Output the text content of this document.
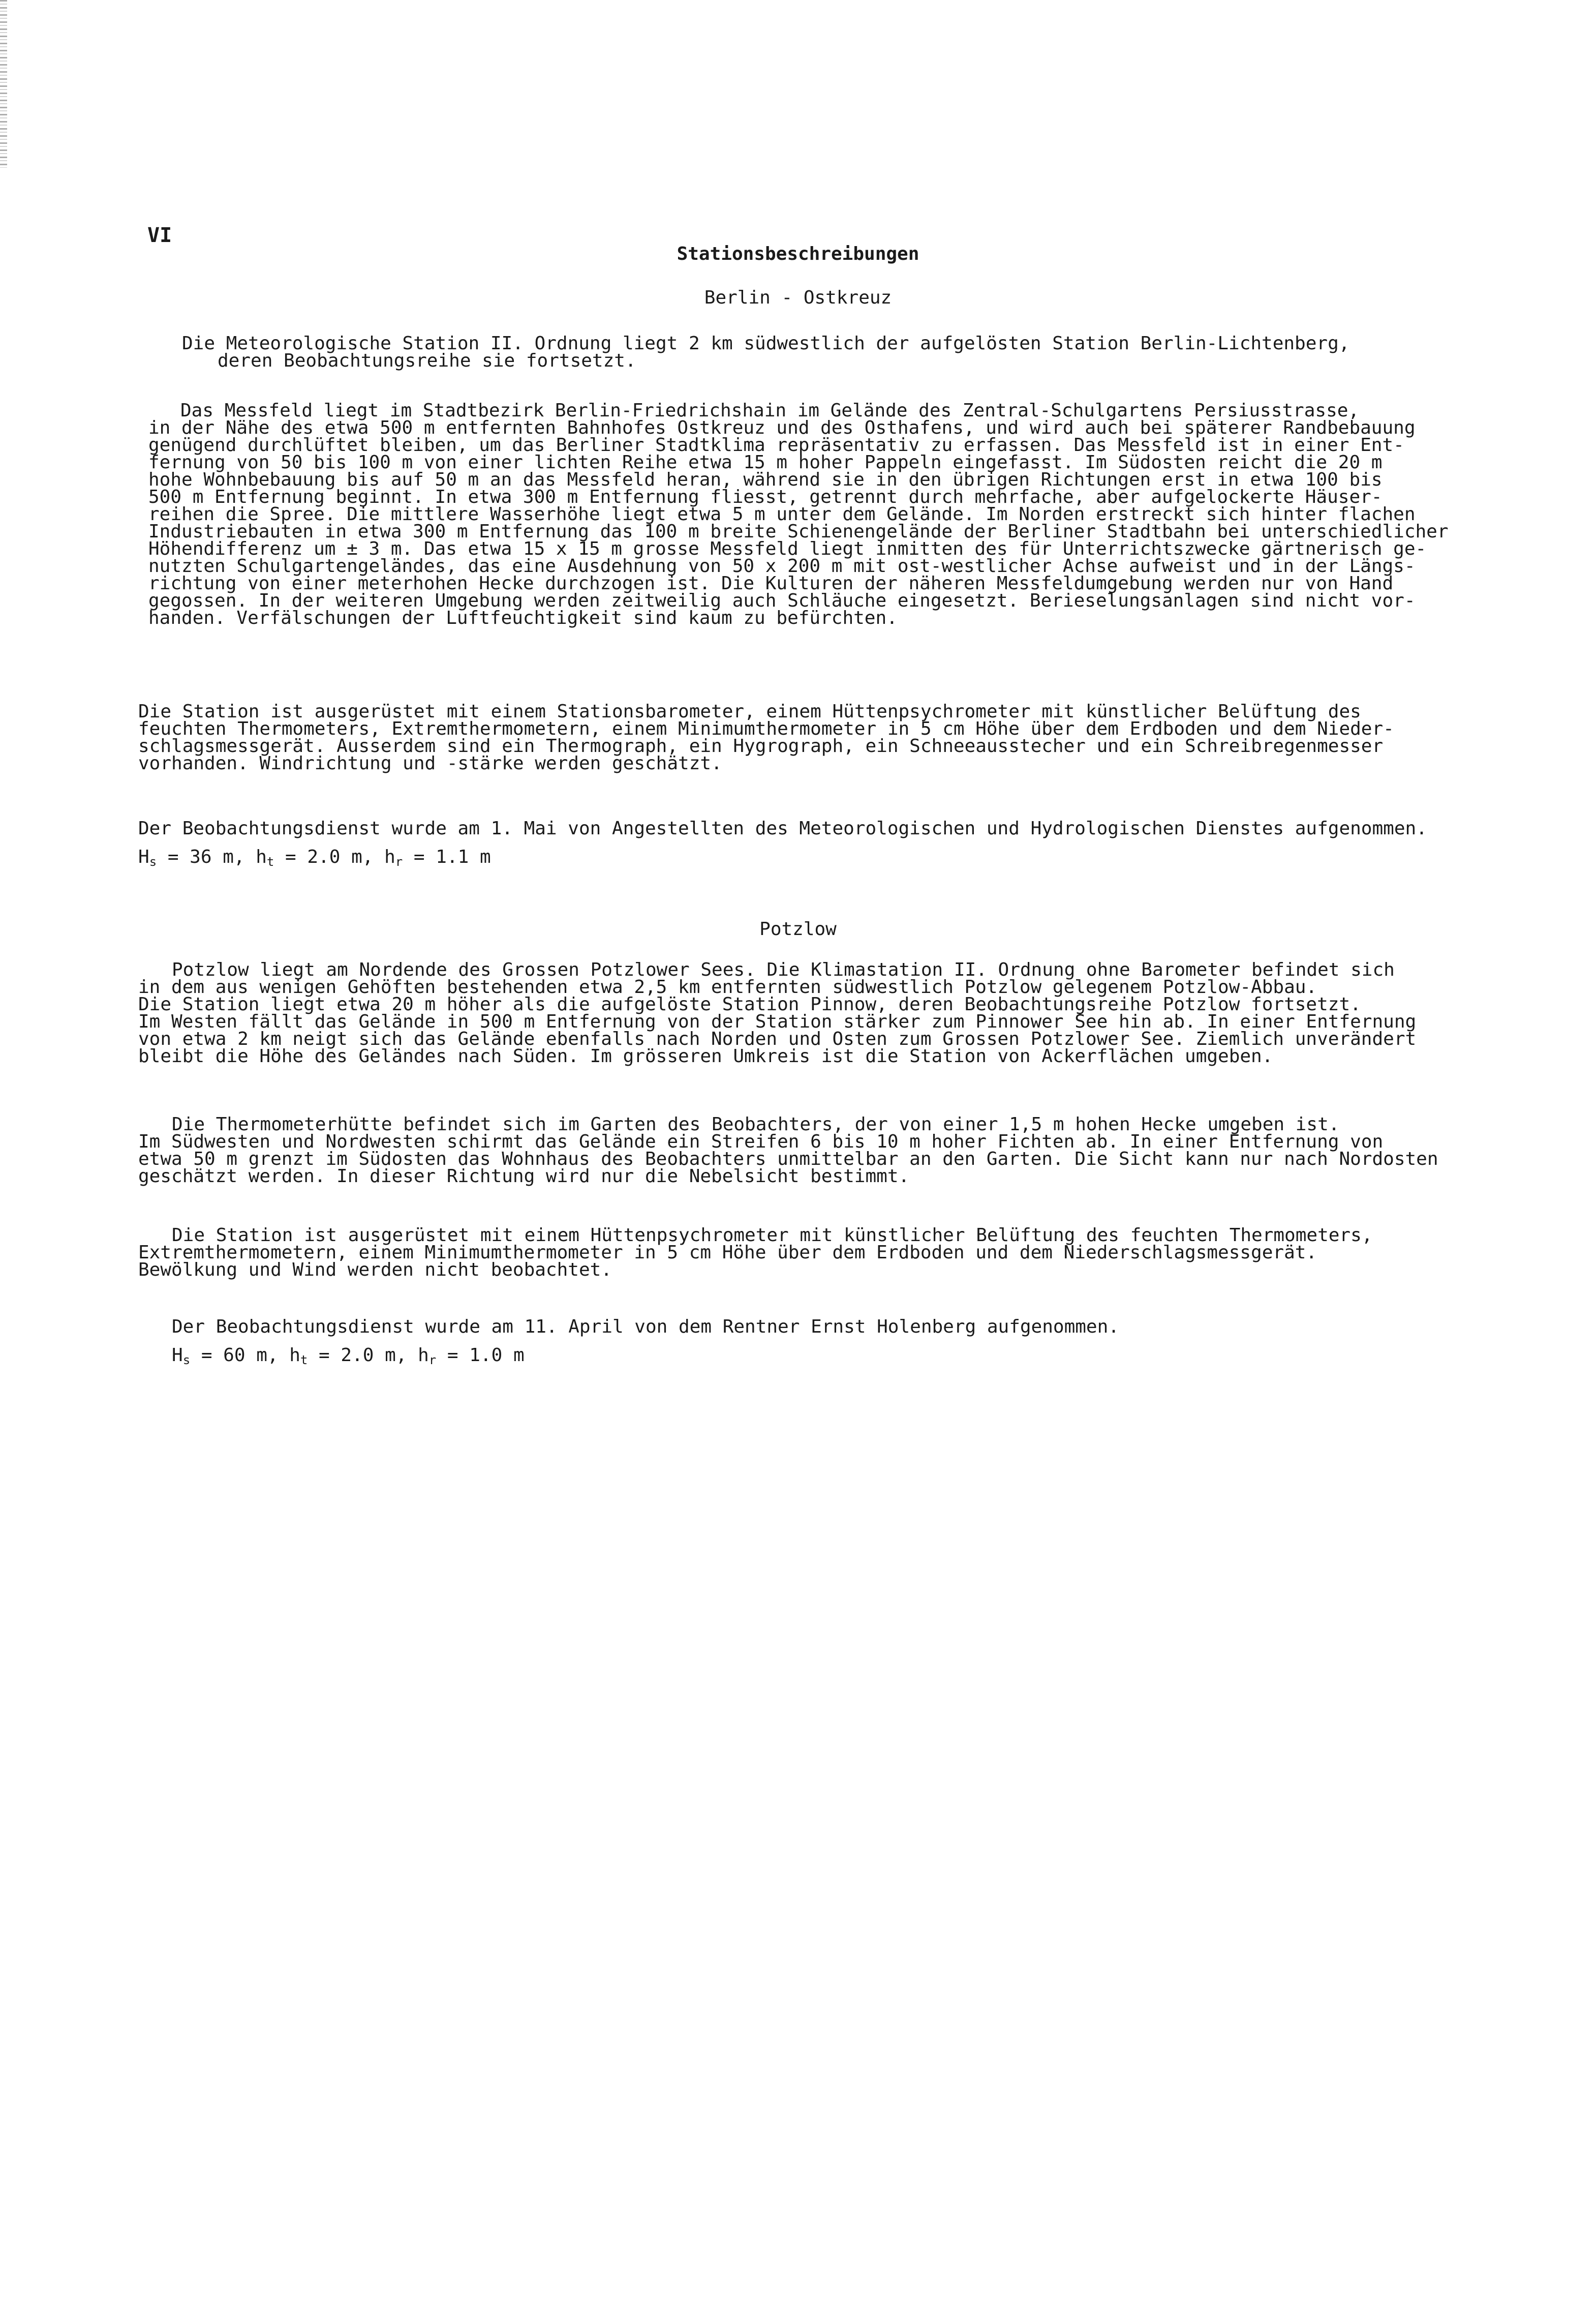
VI
Stationsbeschreibungen
Berlin - Ostkreuz
Die Meteorologische Station II. Ordnung liegt 2 km südwestlich der aufgelösten Station Berlin-Lichtenberg,
deren Beobachtungsreihe sie fortsetzt.
Das Messfeld liegt im Stadtbezirk Berlin-Friedrichshain im Gelände des Zentral-Schulgartens Persiusstrasse,
in der Nähe des etwa 500 m entfernten Bahnhofes Ostkreuz und des Osthafens, und wird auch bei späterer Randbebauung
genügend durchlüftet bleiben, um das Berliner Stadtklima repräsentativ zu erfassen. Das Messfeld ist in einer Ent-
fernung von 50 bis 100 m von einer lichten Reihe etwa 15 m hoher Pappeln eingefasst. Im Südosten reicht die 20 m
hohe Wohnbebauung bis auf 50 m an das Messfeld heran, während sie in den übrigen Richtungen erst in etwa 100 bis
500 m Entfernung beginnt. In etwa 300 m Entfernung fliesst, getrennt durch mehrfache, aber aufgelockerte Häuser-
reihen die Spree. Die mittlere Wasserhöhe liegt etwa 5 m unter dem Gelände. Im Norden erstreckt sich hinter flachen
Industriebauten in etwa 300 m Entfernung das 100 m breite Schienengelände der Berliner Stadtbahn bei unterschiedlicher
Höhendifferenz um ± 3 m. Das etwa 15 x 15 m grosse Messfeld liegt inmitten des für Unterrichtszwecke gärtnerisch ge-
nutzten Schulgartengeländes, das eine Ausdehnung von 50 x 200 m mit ost-westlicher Achse aufweist und in der Längs-
richtung von einer meterhohen Hecke durchzogen ist. Die Kulturen der näheren Messfeldumgebung werden nur von Hand
gegossen. In der weiteren Umgebung werden zeitweilig auch Schläuche eingesetzt. Berieselungsanlagen sind nicht vor-
handen. Verfälschungen der Luftfeuchtigkeit sind kaum zu befürchten.
Die Station ist ausgerüstet mit einem Stationsbarometer, einem Hüttenpsychrometer mit künstlicher Belüftung des
feuchten Thermometers, Extremthermometern, einem Minimumthermometer in 5 cm Höhe über dem Erdboden und dem Nieder-
schlagsmessgerät. Ausserdem sind ein Thermograph, ein Hygrograph, ein Schneeausstecher und ein Schreibregenmesser
vorhanden. Windrichtung und -stärke werden geschätzt.
Der Beobachtungsdienst wurde am 1. Mai von Angestellten des Meteorologischen und Hydrologischen Dienstes aufgenommen.
$H_s = 36$ m, $h_t = 2.0$ m, $h_r = 1.1$ m
Potzlow
Potzlow liegt am Nordende des Grossen Potzlower Sees. Die Klimastation II. Ordnung ohne Barometer befindet sich
in dem aus wenigen Gehöften bestehenden etwa 2,5 km entfernten südwestlich Potzlow gelegenem Potzlow-Abbau.
Die Station liegt etwa 20 m höher als die aufgelöste Station Pinnow, deren Beobachtungsreihe Potzlow fortsetzt.
Im Westen fällt das Gelände in 500 m Entfernung von der Station stärker zum Pinnower See hin ab. In einer Entfernung
von etwa 2 km neigt sich das Gelände ebenfalls nach Norden und Osten zum Grossen Potzlower See. Ziemlich unverändert
bleibt die Höhe des Geländes nach Süden. Im grösseren Umkreis ist die Station von Ackerflächen umgeben.
Die Thermometerhütte befindet sich im Garten des Beobachters, der von einer 1,5 m hohen Hecke umgeben ist.
Im Südwesten und Nordwesten schirmt das Gelände ein Streifen 6 bis 10 m hoher Fichten ab. In einer Entfernung von
etwa 50 m grenzt im Südosten das Wohnhaus des Beobachters unmittelbar an den Garten. Die Sicht kann nur nach Nordosten
geschätzt werden. In dieser Richtung wird nur die Nebelsicht bestimmt.
Die Station ist ausgerüstet mit einem Hüttenpsychrometer mit künstlicher Belüftung des feuchten Thermometers,
Extremthermometern, einem Minimumthermometer in 5 cm Höhe über dem Erdboden und dem Niederschlagsmessgerät.
Bewölkung und Wind werden nicht beobachtet.
Der Beobachtungsdienst wurde am 11. April von dem Rentner Ernst Holenberg aufgenommen.
$H_s = 60$ m, $h_t = 2.0$ m, $h_r = 1.0$ m
